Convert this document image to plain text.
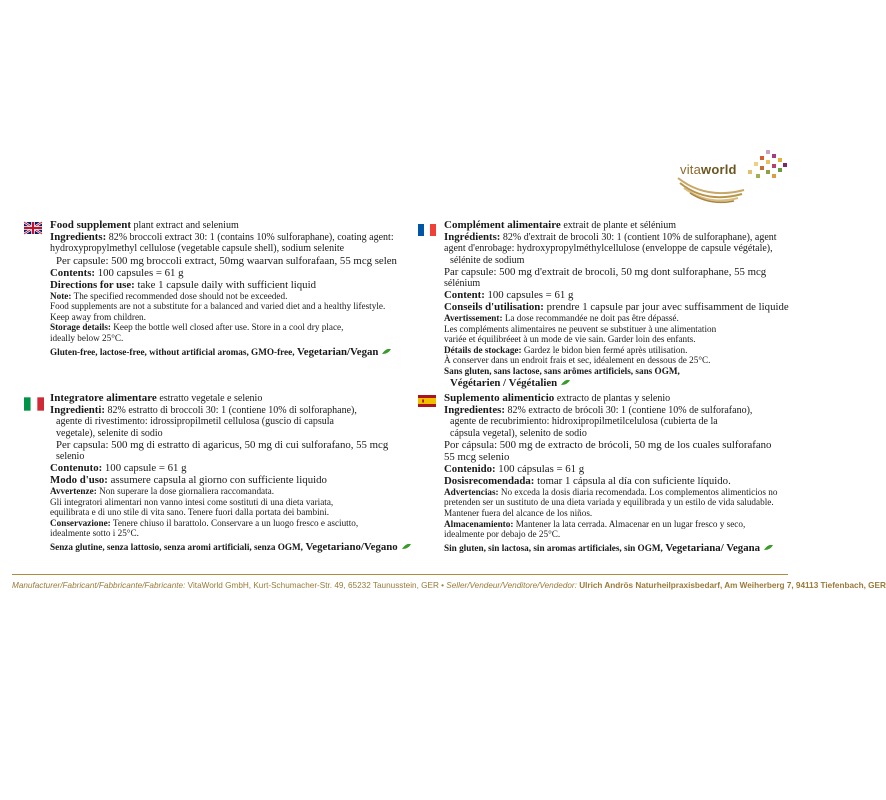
vitaworld
Food supplement plant extract and selenium
Ingredients: 82% broccoli extract 30: 1 (contains 10% sulforaphane), coating agent:
hydroxypropylmethyl cellulose (vegetable capsule shell), sodium selenite
Per capsule: 500 mg broccoli extract, 50mg waarvan sulforafaan, 55 mcg selen
Contents: 100 capsules = 61 g
Directions for use: take 1 capsule daily with sufficient liquid
Note: The specified recommended dose should not be exceeded.
Food supplements are not a substitute for a balanced and varied diet and a healthy lifestyle.
Keep away from children.
Storage details: Keep the bottle well closed after use. Store in a cool dry place,
ideally below 25°C.
Gluten-free, lactose-free, without artificial aromas, GMO-free, Vegetarian/Vegan
Complément alimentaire extrait de plante et sélénium
Ingrédients: 82% d'extrait de brocoli 30: 1 (contient 10% de sulforaphane), agent
agent d'enrobage: hydroxypropylméthylcellulose (enveloppe de capsule végétale),
sélénite de sodium
Par capsule: 500 mg d'extrait de brocoli, 50 mg dont sulforaphane, 55 mcg
sélénium
Content: 100 capsules = 61 g
Conseils d'utilisation: prendre 1 capsule par jour avec suffisamment de liquide
Avertissement: La dose recommandée ne doit pas être dépassé.
Les compléments alimentaires ne peuvent se substituer à une alimentation
variée et équilibréeet à un mode de vie sain. Garder loin des enfants.
Détails de stockage: Gardez le bidon bien fermé après utilisation.
À conserver dans un endroit frais et sec, idéalement en dessous de 25°C.
Sans gluten, sans lactose, sans arômes artificiels, sans OGM,
Végétarien / Végétalien
Integratore alimentare estratto vegetale e selenio
Ingredienti: 82% estratto di broccoli 30: 1 (contiene 10% di solforaphane),
agente di rivestimento: idrossipropilmetil cellulosa (guscio di capsula
vegetale), selenite di sodio
Per capsula: 500 mg di estratto di agaricus, 50 mg di cui sulforafano, 55 mcg
selenio
Contenuto: 100 capsule = 61 g
Modo d'uso: assumere capsula al giorno con sufficiente liquido
Avvertenze: Non superare la dose giornaliera raccomandata.
Gli integratori alimentari non vanno intesi come sostituti di una dieta variata,
equilibrata e di uno stile di vita sano. Tenere fuori dalla portata dei bambini.
Conservazione: Tenere chiuso il barattolo. Conservare a un luogo fresco e asciutto,
idealmente sotto i 25°C.
Senza glutine, senza lattosio, senza aromi artificiali, senza OGM, Vegetariano/Vegano
Suplemento alimenticio extracto de plantas y selenio
Ingredientes: 82% extracto de brócoli 30: 1 (contiene 10% de sulforafano),
agente de recubrimiento: hidroxipropilmetilcelulosa (cubierta de la
cápsula vegetal), selenito de sodio
Por cápsula: 500 mg de extracto de brócoli, 50 mg de los cuales sulforafano
55 mcg selenio
Contenido: 100 cápsulas = 61 g
Dosisrecomendada: tomar 1 cápsula al día con suficiente líquido.
Advertencias: No exceda la dosis diaria recomendada. Los complementos alimenticios no
pretenden ser un sustituto de una dieta variada y equilibrada y un estilo de vida saludable.
Mantener fuera del alcance de los niños.
Almacenamiento: Mantener la lata cerrada. Almacenar en un lugar fresco y seco,
idealmente por debajo de 25°C.
Sin gluten, sin lactosa, sin aromas artificiales, sin OGM, Vegetariana/ Vegana
Manufacturer/Fabricant/Fabbricante/Fabricante: VitaWorld GmbH, Kurt-Schumacher-Str. 49, 65232 Taunusstein, GER • Seller/Vendeur/Venditore/Vendedor: Ulrich Andrös Naturheilpraxisbedarf, Am Weiherberg 7, 94113 Tiefenbach, GER
